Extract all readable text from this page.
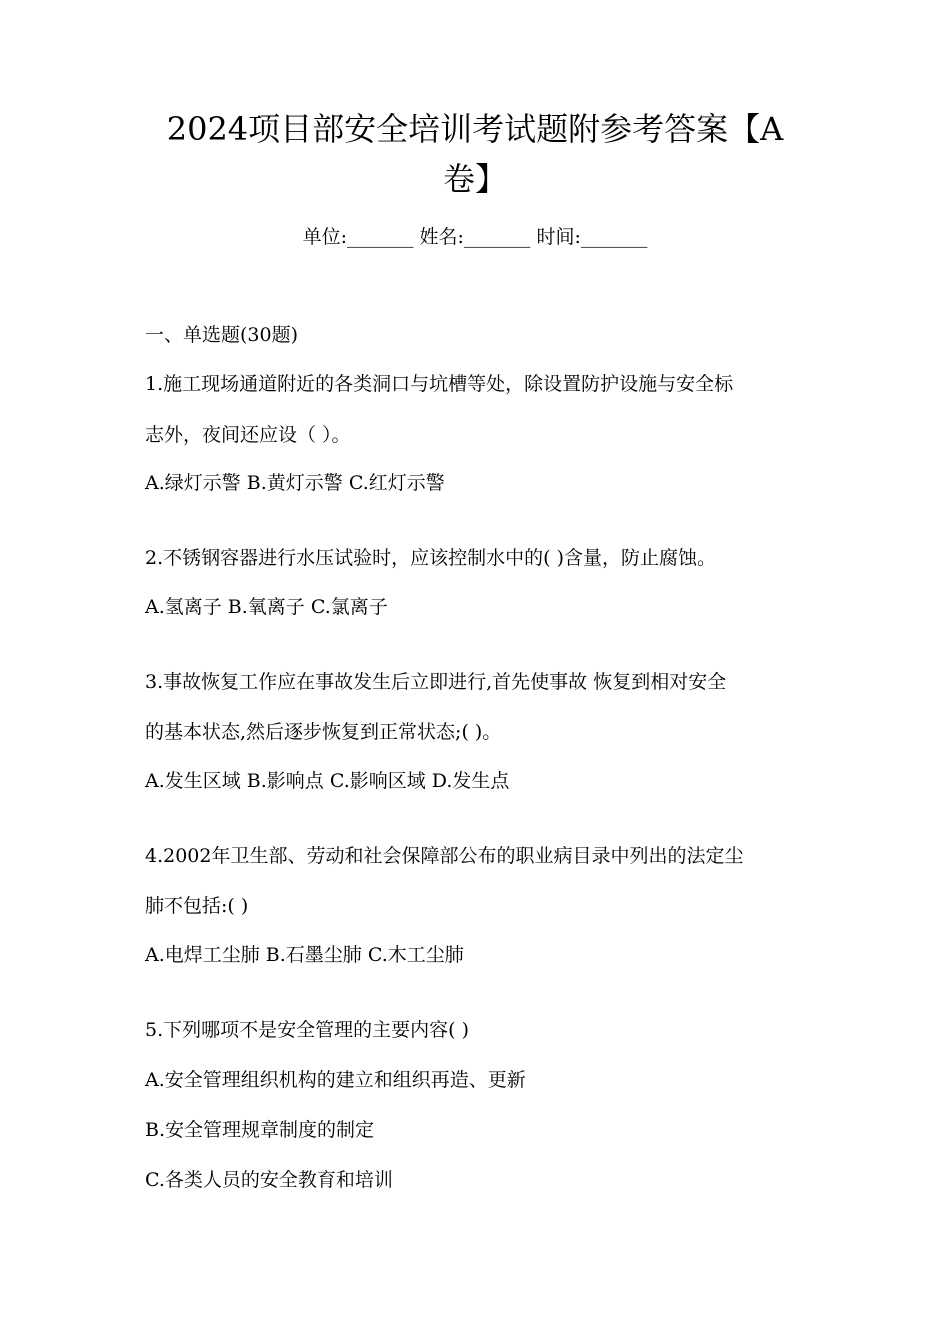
2024项目部安全培训考试题附参考答案【A
卷】
单位:_______ 姓名:_______ 时间:_______
一、单选题(30题)
1.施工现场通道附近的各类洞口与坑槽等处，除设置防护设施与安全标
志外，夜间还应设（ ）。
A.绿灯示警 B.黄灯示警 C.红灯示警
2.不锈钢容器进行水压试验时，应该控制水中的( )含量，防止腐蚀。
A.氢离子 B.氧离子 C.氯离子
3.事故恢复工作应在事故发生后立即进行,首先使事故 恢复到相对安全
的基本状态,然后逐步恢复到正常状态;( )。
A.发生区域 B.影响点 C.影响区域 D.发生点
4.2002年卫生部、劳动和社会保障部公布的职业病目录中列出的法定尘
肺不包括:( )
A.电焊工尘肺 B.石墨尘肺 C.木工尘肺
5.下列哪项不是安全管理的主要内容( )
A.安全管理组织机构的建立和组织再造、更新
B.安全管理规章制度的制定
C.各类人员的安全教育和培训
